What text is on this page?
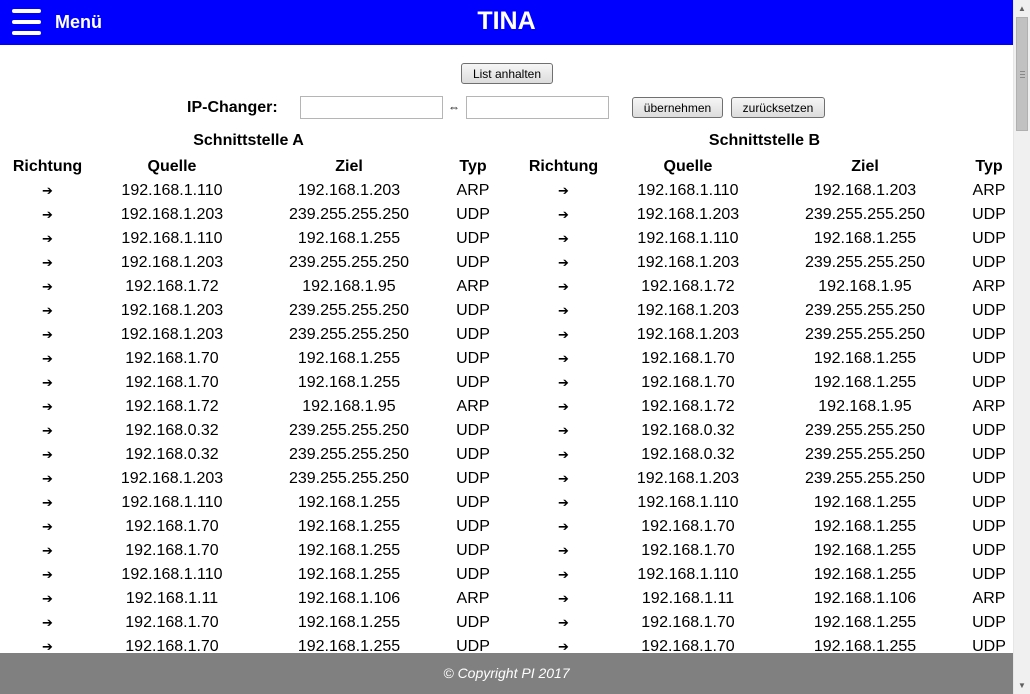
Menü	TINA
List anhalten
IP-Changer:	⇔	übernehmen	zurücksetzen
Schnittstelle A
Richtung	Quelle	Ziel	Typ
➔	192.168.1.110	192.168.1.203	ARP
➔	192.168.1.203	239.255.255.250	UDP
➔	192.168.1.110	192.168.1.255	UDP
➔	192.168.1.203	239.255.255.250	UDP
➔	192.168.1.72	192.168.1.95	ARP
➔	192.168.1.203	239.255.255.250	UDP
➔	192.168.1.203	239.255.255.250	UDP
➔	192.168.1.70	192.168.1.255	UDP
➔	192.168.1.70	192.168.1.255	UDP
➔	192.168.1.72	192.168.1.95	ARP
➔	192.168.0.32	239.255.255.250	UDP
➔	192.168.0.32	239.255.255.250	UDP
➔	192.168.1.203	239.255.255.250	UDP
➔	192.168.1.110	192.168.1.255	UDP
➔	192.168.1.70	192.168.1.255	UDP
➔	192.168.1.70	192.168.1.255	UDP
➔	192.168.1.110	192.168.1.255	UDP
➔	192.168.1.11	192.168.1.106	ARP
➔	192.168.1.70	192.168.1.255	UDP
➔	192.168.1.70	192.168.1.255	UDP
Schnittstelle B
Richtung	Quelle	Ziel	Typ
➔	192.168.1.110	192.168.1.203	ARP
➔	192.168.1.203	239.255.255.250	UDP
➔	192.168.1.110	192.168.1.255	UDP
➔	192.168.1.203	239.255.255.250	UDP
➔	192.168.1.72	192.168.1.95	ARP
➔	192.168.1.203	239.255.255.250	UDP
➔	192.168.1.203	239.255.255.250	UDP
➔	192.168.1.70	192.168.1.255	UDP
➔	192.168.1.70	192.168.1.255	UDP
➔	192.168.1.72	192.168.1.95	ARP
➔	192.168.0.32	239.255.255.250	UDP
➔	192.168.0.32	239.255.255.250	UDP
➔	192.168.1.203	239.255.255.250	UDP
➔	192.168.1.110	192.168.1.255	UDP
➔	192.168.1.70	192.168.1.255	UDP
➔	192.168.1.70	192.168.1.255	UDP
➔	192.168.1.110	192.168.1.255	UDP
➔	192.168.1.11	192.168.1.106	ARP
➔	192.168.1.70	192.168.1.255	UDP
➔	192.168.1.70	192.168.1.255	UDP
© Copyright PI 2017
▲
▼
